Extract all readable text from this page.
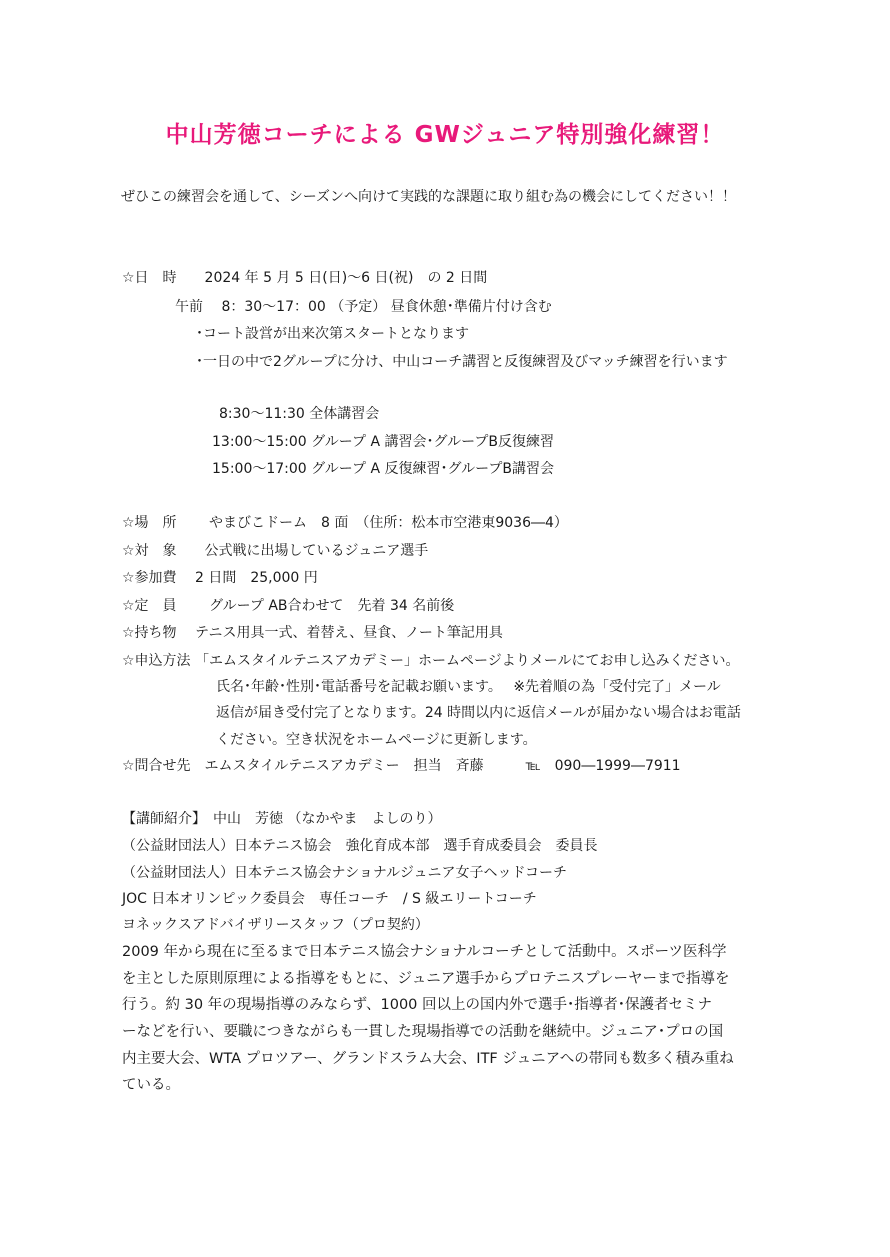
中山芳徳コーチによる GWジュニア特別強化練習！
ぜひこの練習会を通して、シーズンへ向けて実践的な課題に取り組む為の機会にしてください！！
☆日　時　　2024 年 5 月 5 日(日)～6 日(祝)　の 2 日間
午前　 8：30～17：00 （予定） 昼食休憩･準備片付け含む
･コート設営が出来次第スタートとなります
･一日の中で2グループに分け、中山コーチ講習と反復練習及びマッチ練習を行います
8:30～11:30 全体講習会
13:00～15:00 グループ A 講習会･グループB反復練習
15:00～17:00 グループ A 反復練習･グループB講習会
☆場　所　　 やまびこドーム　8 面　（住所：松本市空港東9036―4）
☆対　象　　公式戦に出場しているジュニア選手
☆参加費　 2 日間　25,000 円
☆定　員　　 グループ AB合わせて　先着 34 名前後
☆持ち物　 テニス用具一式、着替え、昼食、ノート筆記用具
☆申込方法 「エムスタイルテニスアカデミー」ホームページよりメールにてお申し込みください。
氏名･年齢･性別･電話番号を記載お願います。　 ※先着順の為「受付完了」メール
返信が届き受付完了となります。24 時間以内に返信メールが届かない場合はお電話
ください。空き状況をホームページに更新します。
☆問合せ先　エムスタイルテニスアカデミー　担当　斉藤　　　℡　090―1999―7911
【講師紹介】　中山　芳徳 （なかやま　よしのり）
（公益財団法人）日本テニス協会　強化育成本部　選手育成委員会　委員長
（公益財団法人）日本テニス協会ナショナルジュニア女子ヘッドコーチ
JOC 日本オリンピック委員会　専任コーチ　/ S 級エリートコーチ
ヨネックスアドバイザリースタッフ（プロ契約）
2009 年から現在に至るまで日本テニス協会ナショナルコーチとして活動中。スポーツ医科学
を主とした原則原理による指導をもとに、ジュニア選手からプロテニスプレーヤーまで指導を
行う。約 30 年の現場指導のみならず、1000 回以上の国内外で選手･指導者･保護者セミナ
ーなどを行い、要職につきながらも一貫した現場指導での活動を継続中。ジュニア･プロの国
内主要大会、WTA プロツアー、グランドスラム大会、ITF ジュニアへの帯同も数多く積み重ね
ている。
